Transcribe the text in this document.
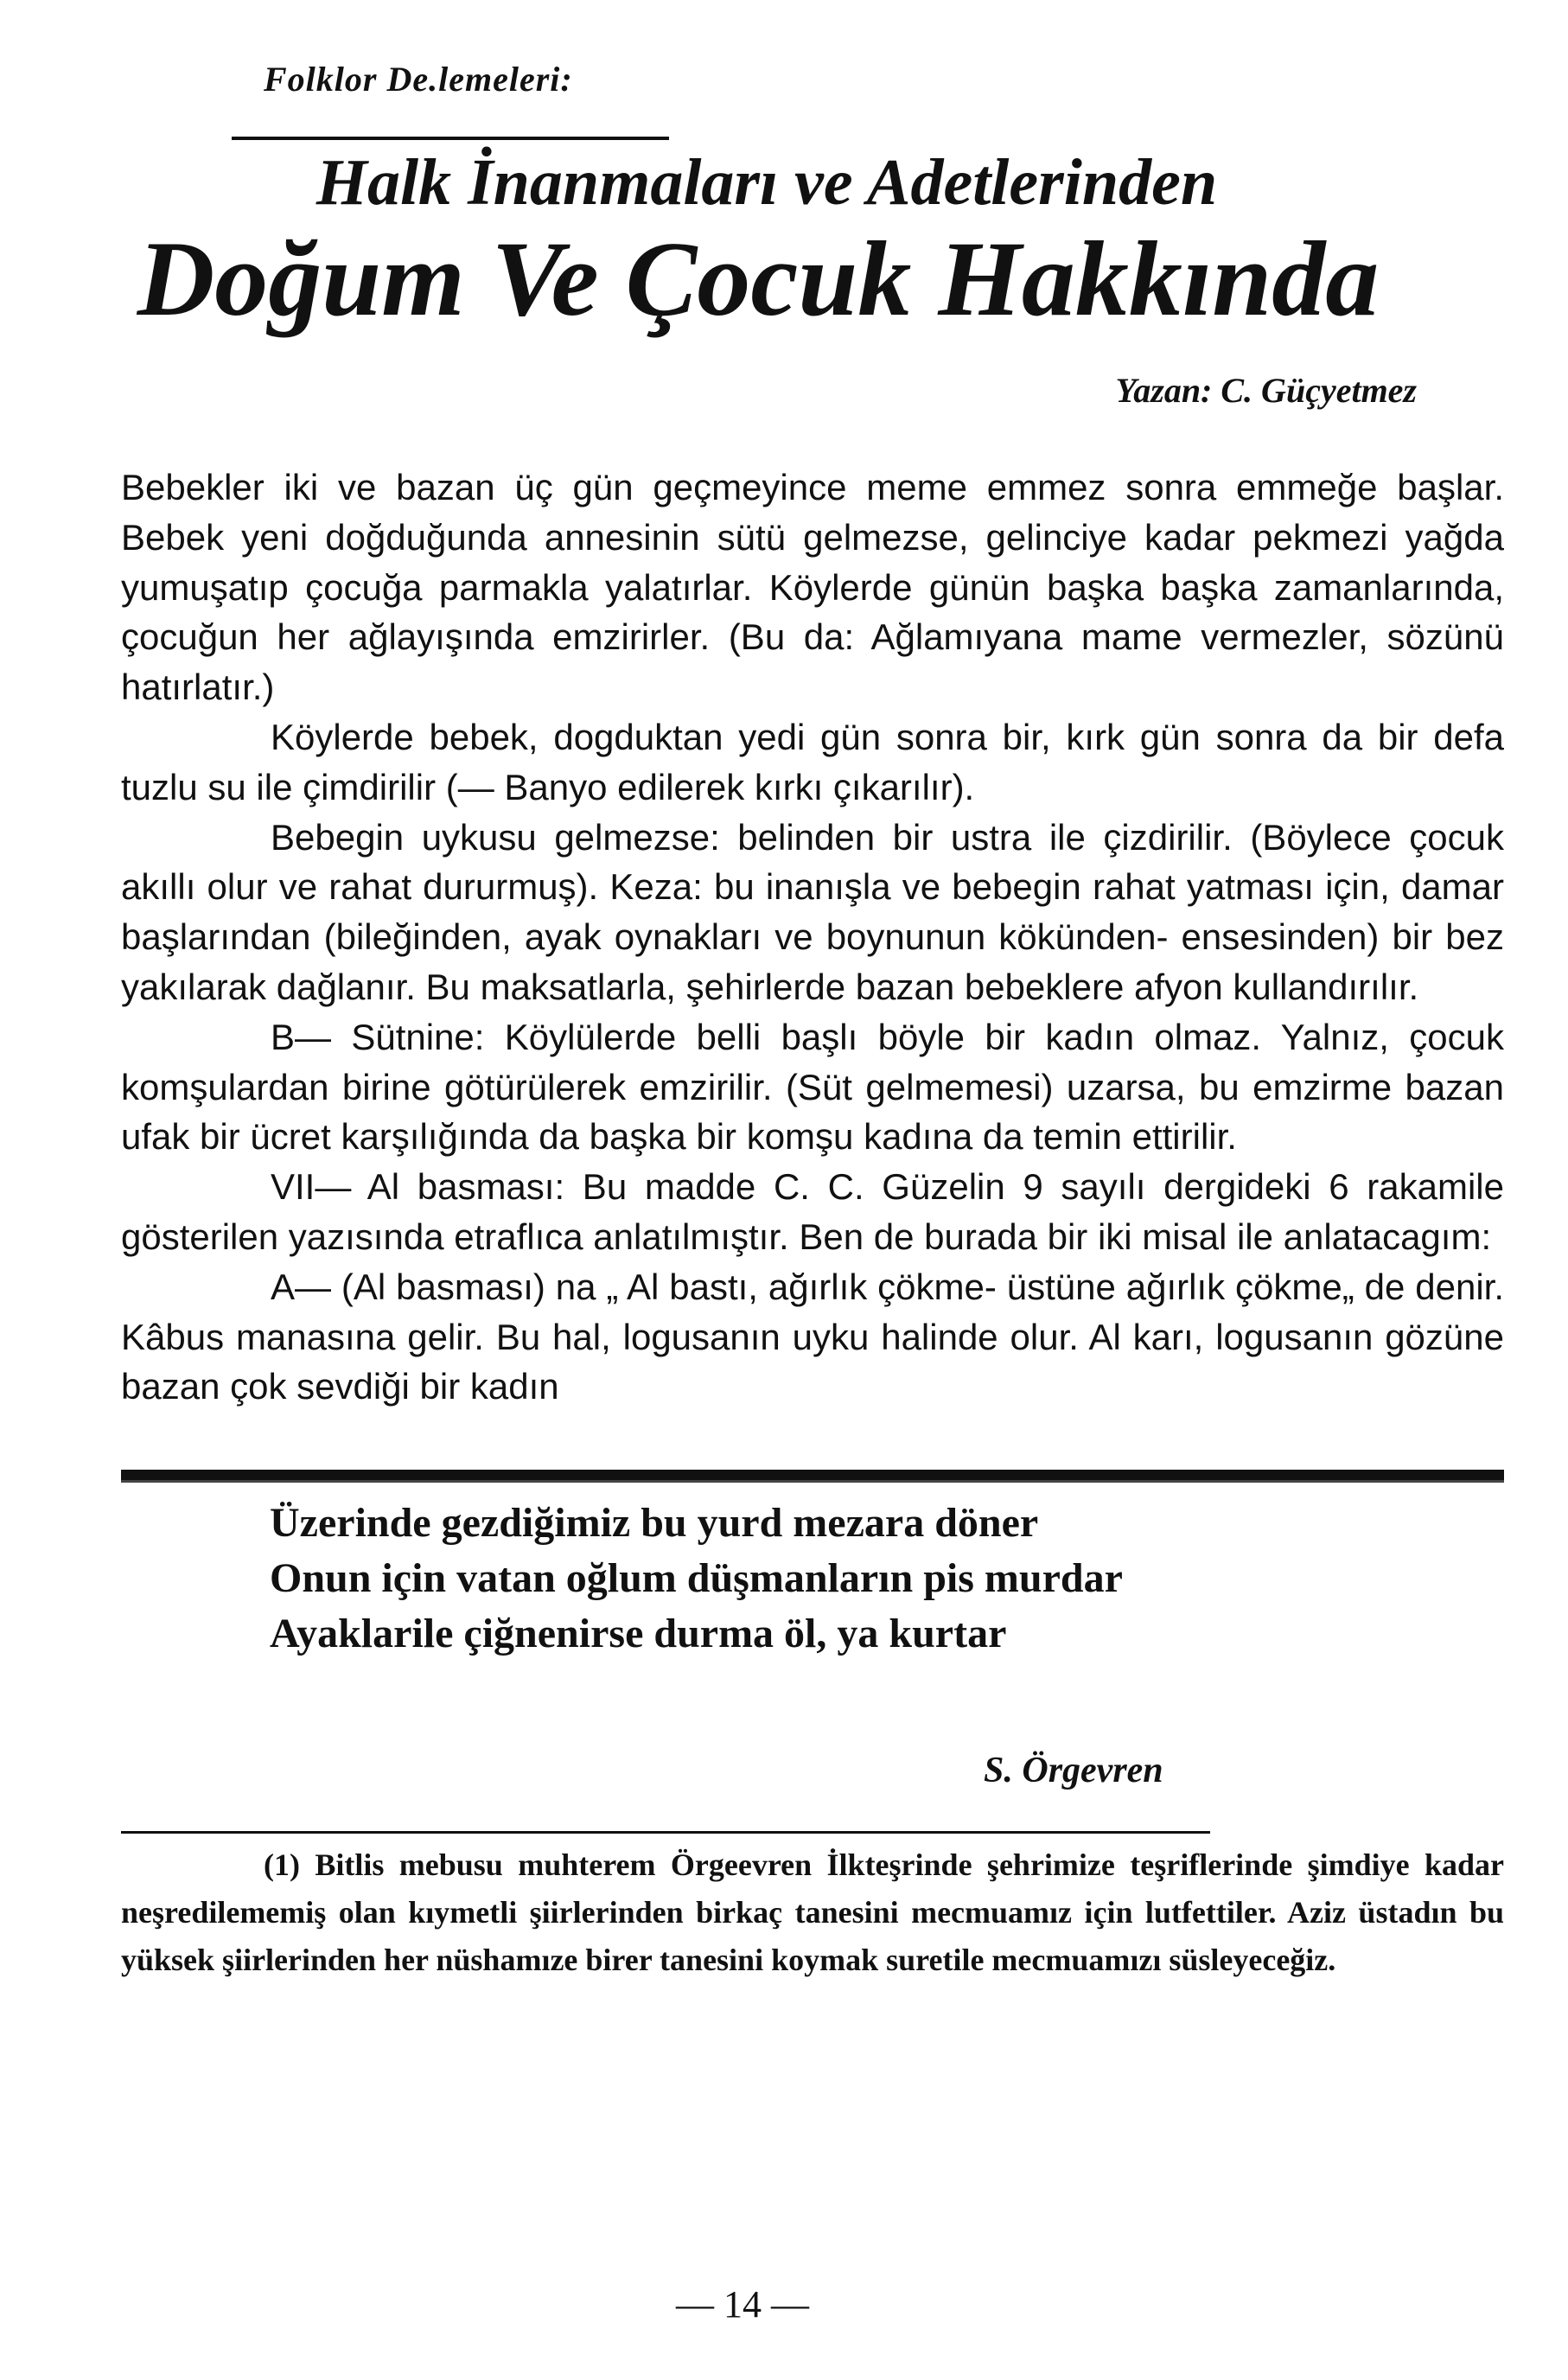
Folklor De.lemeleri:
Halk İnanmaları ve Adetlerinden
Doğum Ve Çocuk Hakkında
Yazan: C. Güçyetmez

Bebekler iki ve bazan üç gün geçmeyince meme emmez sonra emmeğe başlar. Bebek yeni doğduğunda annesinin sütü gelmezse, gelinciye kadar pekmezi yağda yumuşatıp çocuğa parmakla yalatırlar. Köylerde günün başka başka zamanlarında, çocuğun her ağlayışında emzirirler. (Bu da: Ağlamıyana mame vermezler, sözünü hatırlatır.)

Köylerde bebek, dogduktan yedi gün sonra bir, kırk gün sonra da bir defa tuzlu su ile çimdirilir (— Banyo edilerek kırkı çıkarılır).

Bebegin uykusu gelmezse: belinden bir ustra ile çizdirilir. (Böylece çocuk akıllı olur ve rahat dururmuş). Keza: bu inanışla ve bebegin rahat yatması için, damar başlarından (bileğinden, ayak oynakları ve boynunun kökünden- ensesinden) bir bez yakılarak dağlanır. Bu maksatlarla, şehirlerde bazan bebeklere afyon kullandırılır.

B— Sütnine: Köylülerde belli başlı böyle bir kadın olmaz. Yalnız, çocuk komşulardan birine götürülerek emzirilir. (Süt gelmemesi) uzarsa, bu emzirme bazan ufak bir ücret karşılığında da başka bir komşu kadına da temin ettirilir.

VII— Al basması: Bu madde C. C. Güzelin 9 sayılı dergideki 6 rakamile gösterilen yazısında etraflıca anlatılmıştır. Ben de burada bir iki misal ile anlatacagım:

A— (Al basması) na „ Al bastı, ağırlık çökme- üstüne ağırlık çökme„ de denir. Kâbus manasına gelir. Bu hal, logusanın uyku halinde olur. Al karı, logusanın gözüne bazan çok sevdiği bir kadın

Üzerinde gezdiğimiz bu yurd mezara döner
Onun için vatan oğlum düşmanların pis murdar
Ayaklarile çiğnenirse durma öl, ya kurtar
S. Örgevren

(1) Bitlis mebusu muhterem Örgeevren İlkteşrinde şehrimize teşriflerinde şimdiye kadar neşredilememiş olan kıymetli şiirlerinden birkaç tanesini mecmuamız için lutfettiler. Aziz üstadın bu yüksek şiirlerinden her nüshamıze birer tanesini koymak suretile mecmuamızı süsleyeceğiz.

— 14 —
